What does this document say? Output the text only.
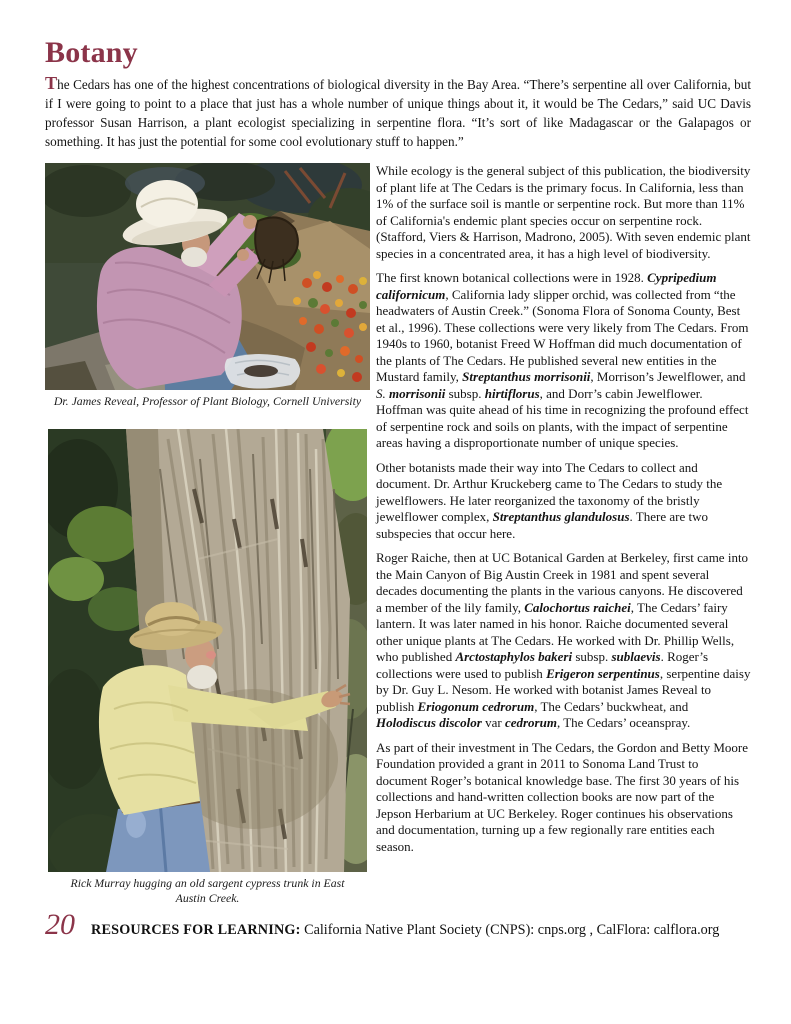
Botany

The Cedars has one of the highest concentrations of biological diversity in the Bay Area. “There’s serpentine all over California, but if I were going to point to a place that just has a whole number of unique things about it, it would be The Cedars,” said UC Davis professor Susan Harrison, a plant ecologist specializing in serpentine flora. “It’s sort of like Madagascar or the Galapagos or something. It has just the potential for some cool evolutionary stuff to happen.”

Dr. James Reveal, Professor of Plant Biology, Cornell University
Rick Murray hugging an old sargent cypress trunk in East Austin Creek.

While ecology is the general subject of this publication, the biodiversity of plant life at The Cedars is the primary focus. In California, less than 1% of the surface soil is mantle or serpentine rock. But more than 11% of California's endemic plant species occur on serpentine rock. (Stafford, Viers & Harrison, Madrono, 2005). With seven endemic plant species in a concentrated area, it has a high level of biodiversity.

The first known botanical collections were in 1928. Cypripedium californicum, California lady slipper orchid, was collected from “the headwaters of Austin Creek.” (Sonoma Flora of Sonoma County, Best et al., 1996). These collections were very likely from The Cedars. From 1940s to 1960, botanist Freed W Hoffman did much documentation of the plants of The Cedars. He published several new entities in the Mustard family, Streptanthus morrisonii, Morrison’s Jewelflower, and S. morrisonii subsp. hirtiflorus, and Dorr’s cabin Jewelflower. Hoffman was quite ahead of his time in recognizing the profound effect of serpentine rock and soils on plants, with the impact of serpentine areas having a disproportionate number of unique species.

Other botanists made their way into The Cedars to collect and document. Dr. Arthur Kruckeberg came to The Cedars to study the jewelflowers. He later reorganized the taxonomy of the bristly jewelflower complex, Streptanthus glandulosus. There are two subspecies that occur here.

Roger Raiche, then at UC Botanical Garden at Berkeley, first came into the Main Canyon of Big Austin Creek in 1981 and spent several decades documenting the plants in the various canyons. He discovered a member of the lily family, Calochortus raichei, The Cedars’ fairy lantern. It was later named in his honor. Raiche documented several other unique plants at The Cedars. He worked with Dr. Phillip Wells, who published Arctostaphylos bakeri subsp. sublaevis. Roger’s collections were used to publish Erigeron serpentinus, serpentine daisy by Dr. Guy L. Nesom. He worked with botanist James Reveal to publish Eriogonum cedrorum, The Cedars’ buckwheat, and Holodiscus discolor var cedrorum, The Cedars’ oceanspray.

As part of their investment in The Cedars, the Gordon and Betty Moore Foundation provided a grant in 2011 to Sonoma Land Trust to document Roger’s botanical knowledge base. The first 30 years of his collections and hand-written collection books are now part of the Jepson Herbarium at UC Berkeley. Roger continues his observations and documentation, turning up a few regionally rare entities each season.

20 RESOURCES FOR LEARNING: California Native Plant Society (CNPS): cnps.org , CalFlora: calflora.org
